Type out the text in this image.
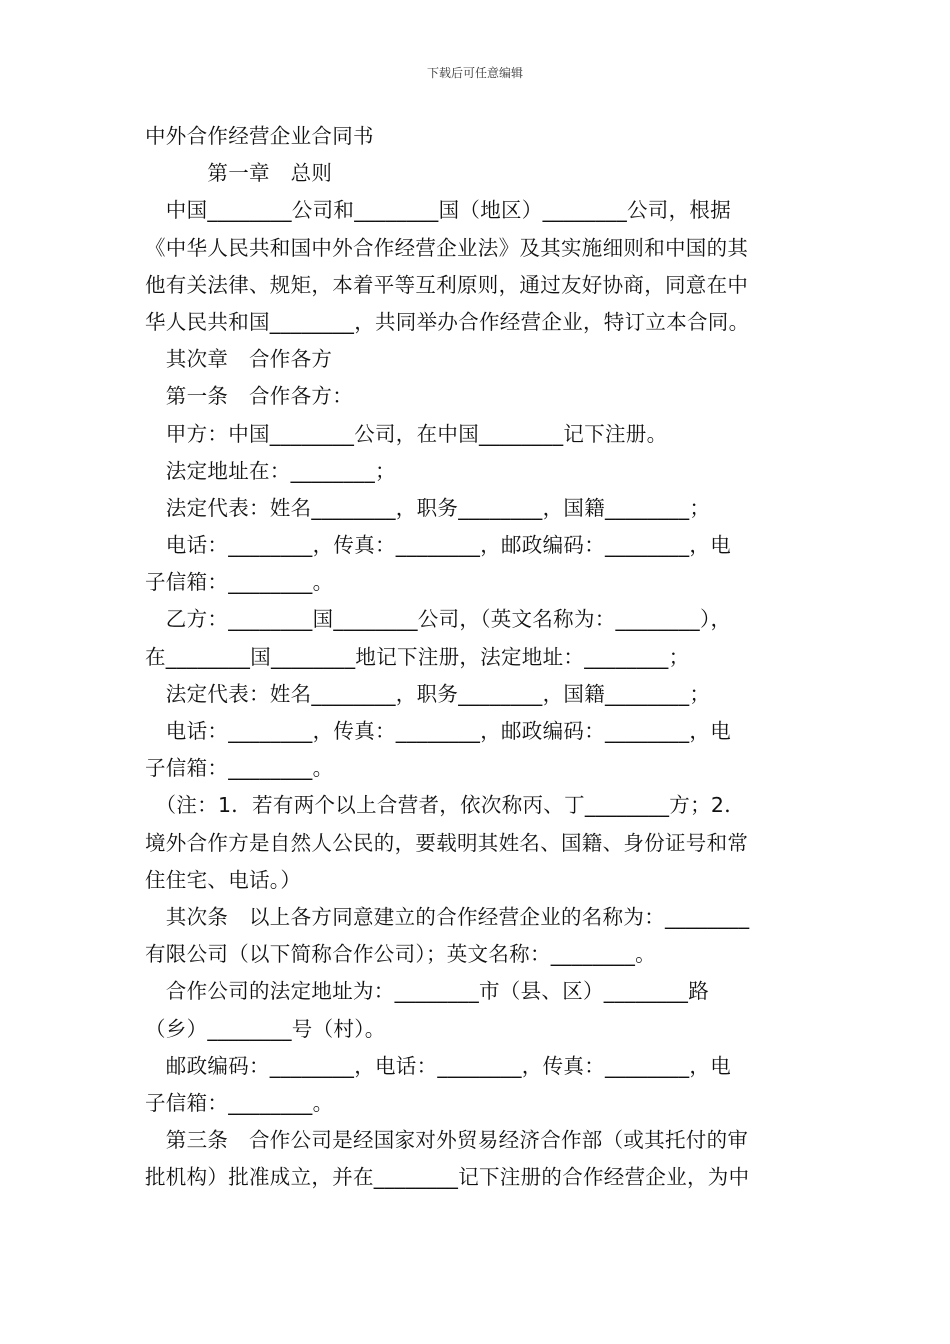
下载后可任意编辑
中外合作经营企业合同书
　　　第一章　总则
　中国________公司和________国（地区）________公司，根据
《中华人民共和国中外合作经营企业法》及其实施细则和中国的其
他有关法律、规矩，本着平等互利原则，通过友好协商，同意在中
华人民共和国________，共同举办合作经营企业，特订立本合同。
　其次章　合作各方
　第一条　合作各方：
　甲方：中国________公司，在中国________记下注册。
　法定地址在：________；
　法定代表：姓名________，职务________，国籍________；
　电话：________，传真：________，邮政编码：________，电
子信箱：________。
　乙方：________国________公司，（英文名称为：________），
在________国________地记下注册，法定地址：________；
　法定代表：姓名________，职务________，国籍________；
　电话：________，传真：________，邮政编码：________，电
子信箱：________。
　（注：1．若有两个以上合营者，依次称丙、丁________方；2．
境外合作方是自然人公民的，要载明其姓名、国籍、身份证号和常
住住宅、电话。）
　其次条　以上各方同意建立的合作经营企业的名称为：________
有限公司（以下简称合作公司）；英文名称：________。
　合作公司的法定地址为：________市（县、区）________路
（乡）________号（村）。
　邮政编码：________，电话：________，传真：________，电
子信箱：________。
　第三条　合作公司是经国家对外贸易经济合作部（或其托付的审
批机构）批准成立，并在________记下注册的合作经营企业，为中
